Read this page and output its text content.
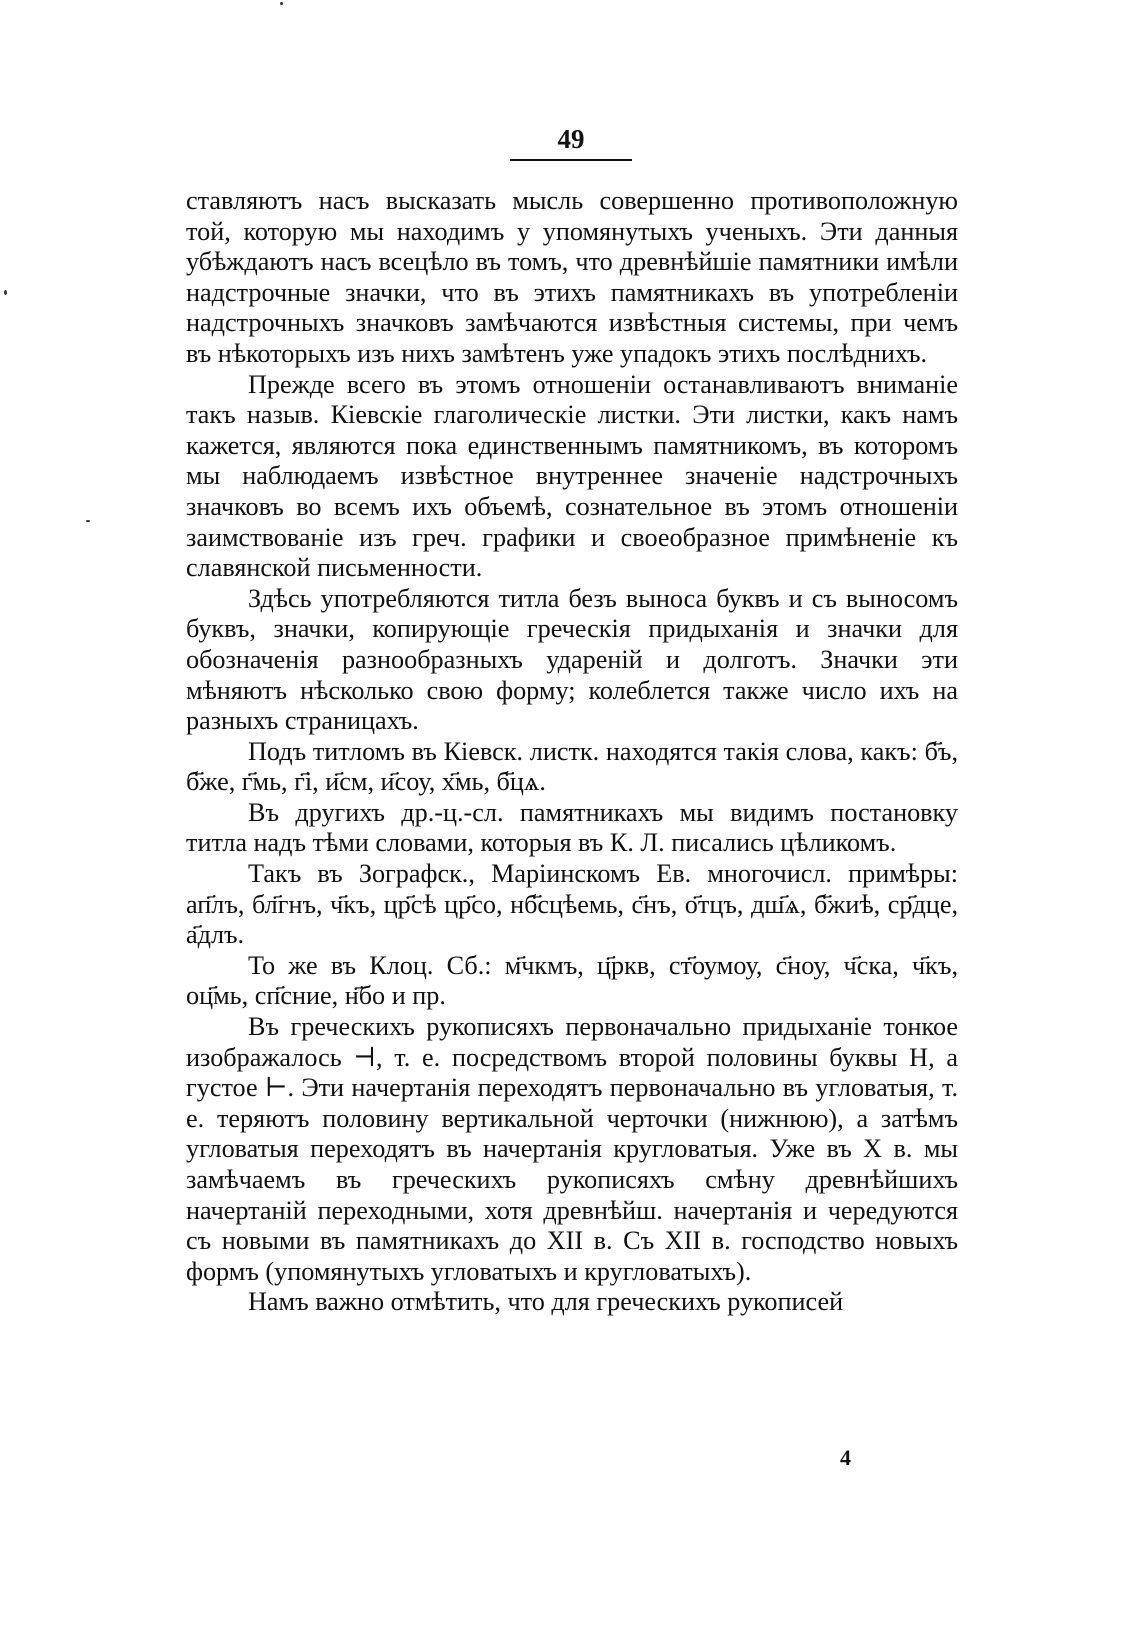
49

ставляютъ насъ высказать мысль совершенно противоположную той, которую мы находимъ у упомянутыхъ ученыхъ. Эти данныя убѣждаютъ насъ всецѣло въ томъ, что древнѣйшіе памятники имѣли надстрочные значки, что въ этихъ памятникахъ въ употребленіи надстрочныхъ значковъ замѣчаются извѣстныя системы, при чемъ въ нѣкоторыхъ изъ нихъ замѣтенъ уже упадокъ этихъ послѣднихъ.

Прежде всего въ этомъ отношеніи останавливаютъ вниманіе такъ назыв. Кіевскіе глаголическіе листки. Эти листки, какъ намъ кажется, являются пока единственнымъ памятникомъ, въ которомъ мы наблюдаемъ извѣстное внутреннее значеніе надстрочныхъ значковъ во всемъ ихъ объемѣ, сознательное въ этомъ отношеніи заимствованіе изъ греч. графики и своеобразное примѣненіе къ славянской письменности.

Здѣсь употребляются титла безъ выноса буквъ и съ выносомъ буквъ, значки, копирующіе греческія придыханія и значки для обозначенія разнообразныхъ удареній и долготъ. Значки эти мѣняютъ нѣсколько свою форму; колеблется также число ихъ на разныхъ страницахъ.

Подъ титломъ въ Кіевск. листк. находятся такія слова, какъ: б҃ъ, б҃же, г҃мь, г҃і, и҃см, и҃соу, х҃мь, б҃цѧ.

Въ другихъ др.-ц.-сл. памятникахъ мы видимъ постановку титла надъ тѣми словами, которыя въ К. Л. писались цѣликомъ.

Такъ въ Зографск., Маріинскомъ Ев. многочисл. примѣры: ап҃лъ, бл҃гнъ, ч҃къ, цр҃сѣ цр҃со, нб҃сцѣемь, с҃нъ, о҃тцъ, дш҃ѧ, б҃жиѣ, ср҃дце, а҃длъ.

То же въ Клоц. Сб.: м҃чкмъ, ц҃ркв, ст҃оумоу, с҃ноу, ч҃ска, ч҃къ, оц҃мь, сп҃сние, н҃бо и пр.

Въ греческихъ рукописяхъ первоначально придыханіе тонкое изображалось ⊣, т. е. посредствомъ второй половины буквы Н, а густое ⊢. Эти начертанія переходятъ первоначально въ угловатыя, т. е. теряютъ половину вертикальной черточки (нижнюю), а затѣмъ угловатыя переходятъ въ начертанія кругловатыя. Уже въ X в. мы замѣчаемъ въ греческихъ рукописяхъ смѣну древнѣйшихъ начертаній переходными, хотя древнѣйш. начертанія и чередуются съ новыми въ памятникахъ до XII в. Съ XII в. господство новыхъ формъ (упомянутыхъ угловатыхъ и кругловатыхъ).

Намъ важно отмѣтить, что для греческихъ рукописей

4
